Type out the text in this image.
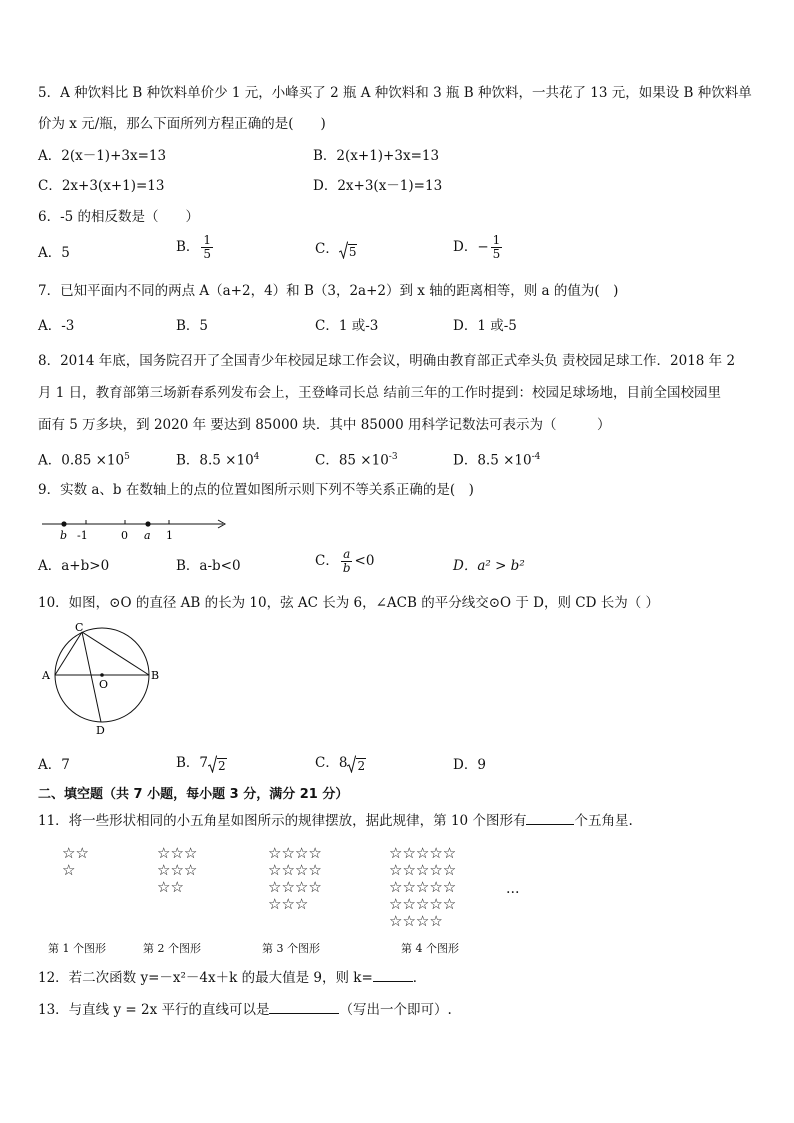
5．A 种饮料比 B 种饮料单价少 1 元，小峰买了 2 瓶 A 种饮料和 3 瓶 B 种饮料，一共花了 13 元，如果设 B 种饮料单
价为 x 元/瓶，那么下面所列方程正确的是(　　)
A．2(x－1)+3x=13	B．2(x+1)+3x=13
C．2x+3(x+1)=13	D．2x+3(x－1)=13
6．-5 的相反数是（　　）
A．5	B． $\frac{1}{5}$	C． 5	D．− $\frac{1}{5}$
7．已知平面内不同的两点 A（a+2，4）和 B（3，2a+2）到 x 轴的距离相等，则 a 的值为(　)
A．-3	B．5	C．1 或-3	D．1 或-5
8．2014 年底，国务院召开了全国青少年校园足球工作会议，明确由教育部正式牵头负 责校园足球工作．2018 年 2
月 1 日，教育部第三场新春系列发布会上，王登峰司长总 结前三年的工作时提到：校园足球场地，目前全国校园里
面有 5 万多块，到 2020 年 要达到 85000 块．其中 85000 用科学记数法可表示为（　　　）
A．$0.85 \times 10^5$	B．$8.5 \times 10^4$	C．$85 \times 10^{-3}$	D．$8.5 \times 10^{-4}$
9．实数 a、b 在数轴上的点的位置如图所示则下列不等关系正确的是(　)
b -1	0 a 1
A．a+b>0	B．a-b<0	C． $\frac{a}{b} <0$	D．a² > b²
10．如图，⊙O 的直径 AB 的长为 10，弦 AC 长为 6，∠ACB 的平分线交⊙O 于 D，则 CD 长为（ ）
A	B
C
D
O
A．7	B．7 2	C．8 2	D．9
二、填空题（共 7 小题，每小题 3 分，满分 21 分）
11．将一些形状相同的小五角星如图所示的规律摆放，据此规律，第 10 个图形有	个五角星.
☆☆
☆
☆☆☆
☆☆☆
☆☆
☆☆☆☆
☆☆☆☆
☆☆☆☆
☆☆☆
☆☆☆☆☆
☆☆☆☆☆
☆☆☆☆☆
☆☆☆☆☆
☆☆☆☆
…
第 1 个图形	第 2 个图形	第 3 个图形	第 4 个图形
12．若二次函数 y=－x²－4x＋k 的最大值是 9，则 k=	．
13．与直线 y = 2x 平行的直线可以是	（写出一个即可）.
